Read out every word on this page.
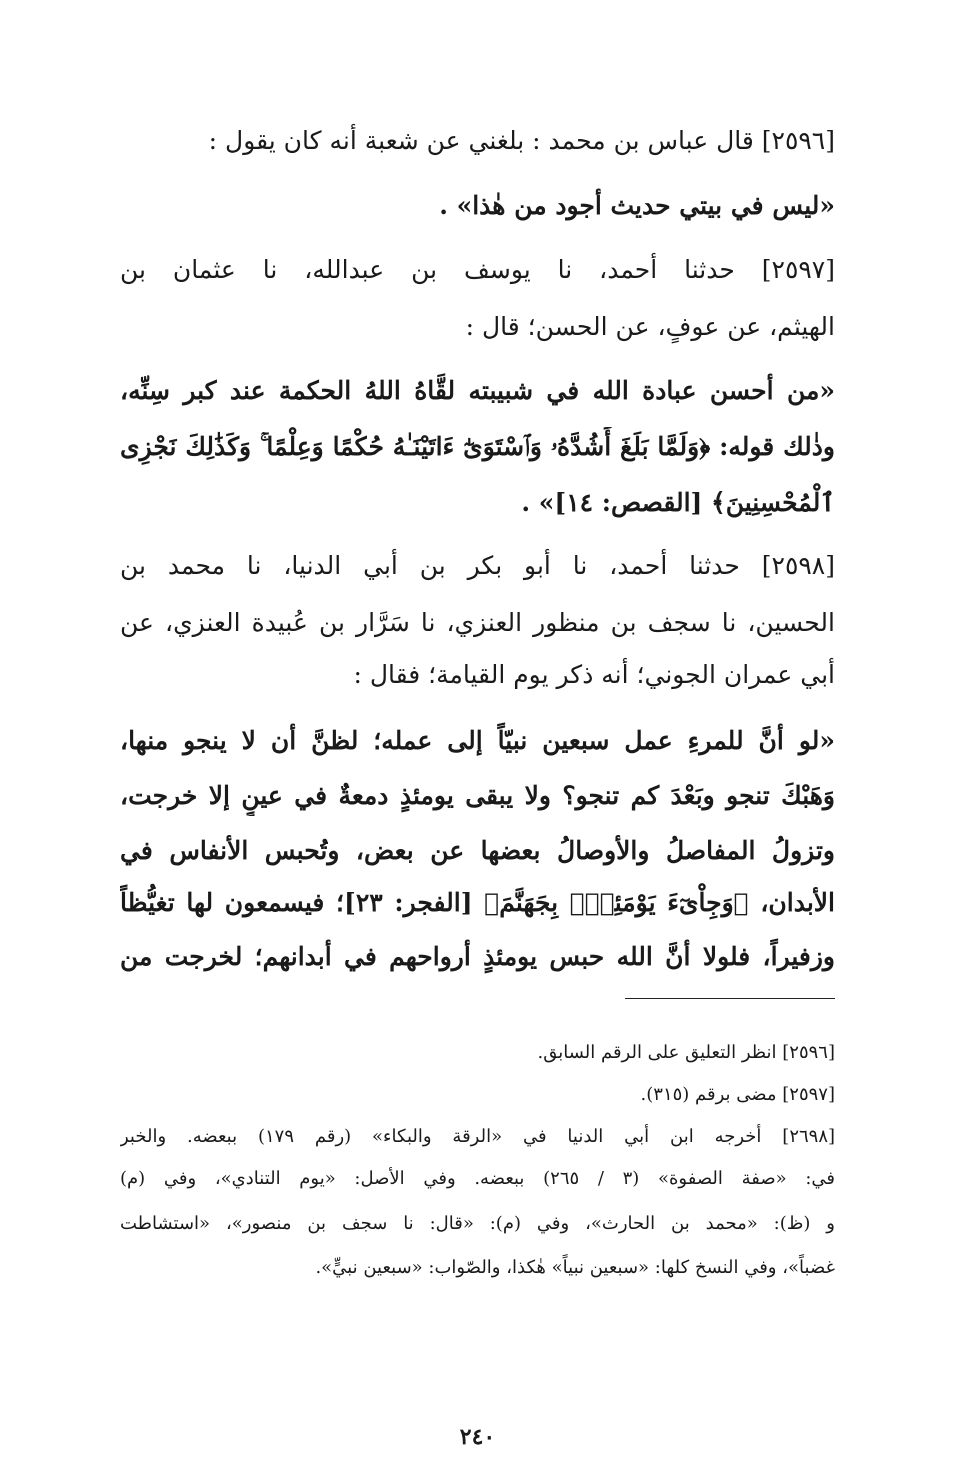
[٢٥٩٦] قال عباس بن محمد : بلغني عن شعبة أنه كان يقول :
«ليس في بيتي حديث أجود من هٰذا» .
[٢٥٩٧] حدثنا أحمد، نا يوسف بن عبدالله، نا عثمان بن
الهيثم، عن عوفٍ، عن الحسن؛ قال :
«من أحسن عبادة الله في شبيبته لقَّاهُ اللهُ الحكمة عند كبر سِنِّه،
وذٰلك قوله: ﴿وَلَمَّا بَلَغَ أَشُدَّهُۥ وَٱسْتَوَىٰٓ ءَاتَيْنَـٰهُ حُكْمًا وَعِلْمًا ۚ وَكَذَٰلِكَ نَجْزِى
ٱلْمُحْسِنِينَ﴾ [القصص: ١٤]» .
[٢٥٩٨] حدثنا أحمد، نا أبو بكر بن أبي الدنيا، نا محمد بن
الحسين، نا سجف بن منظور العنزي، نا سَرَّار بن عُبيدة العنزي، عن
أبي عمران الجوني؛ أنه ذكر يوم القيامة؛ فقال :
«لو أنَّ للمرءِ عمل سبعين نبيّاً إلى عمله؛ لظنَّ أن لا ينجو منها،
وَهَبْكَ تنجو وبَعْدَ كم تنجو؟ ولا يبقى يومئذٍ دمعةٌ في عينٍ إلا خرجت،
وتزولُ المفاصلُ والأوصالُ بعضها عن بعض، وتُحبس الأنفاس في
الأبدان، ﴿وَجِاْىٓءَ يَوْمَئِذٍۭ بِجَهَنَّمَ﴾ [الفجر: ٢٣]؛ فيسمعون لها تغيُّظاً
وزفيراً، فلولا أنَّ الله حبس يومئذٍ أرواحهم في أبدانهم؛ لخرجت من
[٢٥٩٦] انظر التعليق على الرقم السابق.
[٢٥٩٧] مضى برقم (٣١٥).
[٢٦٩٨] أخرجه ابن أبي الدنيا في «الرقة والبكاء» (رقم ١٧٩) ببعضه. والخبر
في: «صفة الصفوة» (٣ / ٢٦٥) ببعضه. وفي الأصل: «يوم التنادي»، وفي (م)
و (ظ): «محمد بن الحارث»، وفي (م): «قال: نا سجف بن منصور»، «استشاطت
غضباً»، وفي النسخ كلها: «سبعين نبياً» هٰكذا، والصّواب: «سبعين نبيٍّ».
٢٤٠
